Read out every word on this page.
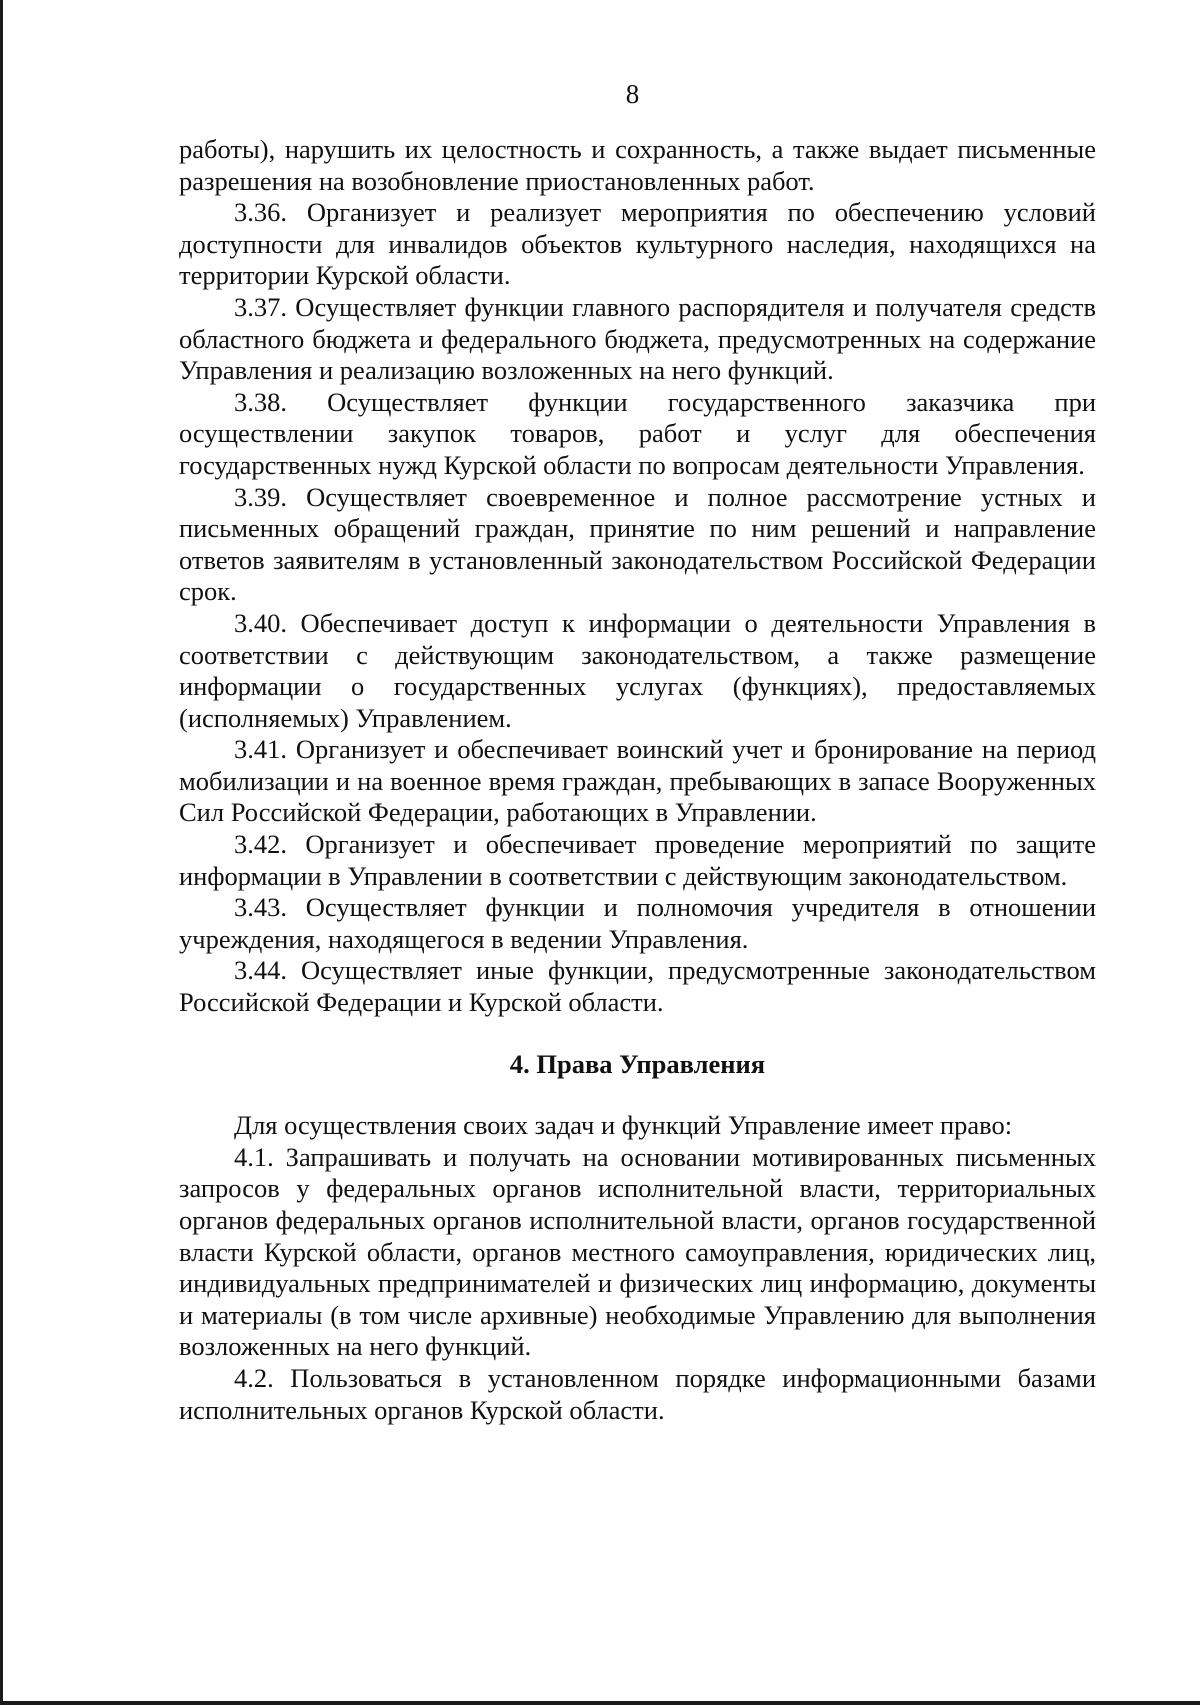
8

работы), нарушить их целостность и сохранность, а также выдает письменные разрешения на возобновление приостановленных работ.

3.36. Организует и реализует мероприятия по обеспечению условий доступности для инвалидов объектов культурного наследия, находящихся на территории Курской области.

3.37. Осуществляет функции главного распорядителя и получателя средств областного бюджета и федерального бюджета, предусмотренных на содержание Управления и реализацию возложенных на него функций.

3.38. Осуществляет функции государственного заказчика при осуществлении закупок товаров, работ и услуг для обеспечения государственных нужд Курской области по вопросам деятельности Управления.

3.39. Осуществляет своевременное и полное рассмотрение устных и письменных обращений граждан, принятие по ним решений и направление ответов заявителям в установленный законодательством Российской Федерации срок.

3.40. Обеспечивает доступ к информации о деятельности Управления в соответствии с действующим законодательством, а также размещение информации о государственных услугах (функциях), предоставляемых (исполняемых) Управлением.

3.41. Организует и обеспечивает воинский учет и бронирование на период мобилизации и на военное время граждан, пребывающих в запасе Вооруженных Сил Российской Федерации, работающих в Управлении.

3.42. Организует и обеспечивает проведение мероприятий по защите информации в Управлении в соответствии с действующим законодательством.

3.43. Осуществляет функции и полномочия учредителя в отношении учреждения, находящегося в ведении Управления.

3.44. Осуществляет иные функции, предусмотренные законодательством Российской Федерации и Курской области.

4. Права Управления

Для осуществления своих задач и функций Управление имеет право:

4.1. Запрашивать и получать на основании мотивированных письменных запросов у федеральных органов исполнительной власти, территориальных органов федеральных органов исполнительной власти, органов государственной власти Курской области, органов местного самоуправления, юридических лиц, индивидуальных предпринимателей и физических лиц информацию, документы и материалы (в том числе архивные) необходимые Управлению для выполнения возложенных на него функций.

4.2. Пользоваться в установленном порядке информационными базами исполнительных органов Курской области.
